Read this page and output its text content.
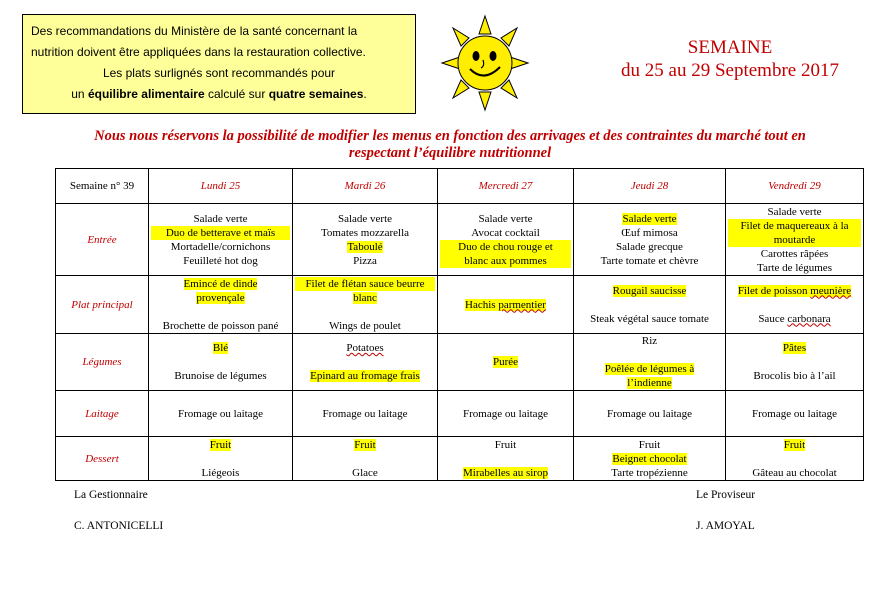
Des recommandations du Ministère de la santé concernant la
nutrition doivent être appliquées dans la restauration collective.
Les plats surlignés sont recommandés pour
un équilibre alimentaire calculé sur quatre semaines.
SEMAINE
du 25 au 29 Septembre 2017
Nous nous réservons la possibilité de modifier les menus en fonction des arrivages et des contraintes du marché tout en
respectant l’équilibre nutritionnel
Semaine n° 39	Lundi 25	Mardi 26	Mercredi 27	Jeudi 28	Vendredi 29
Entrée	Salade verte
Duo de betterave et maïs
Mortadelle/cornichons
Feuilleté hot dog	Salade verte
Tomates mozzarella
Taboulé
Pizza	Salade verte
Avocat cocktail
Duo de chou rouge et
blanc aux pommes	Salade verte
Œuf mimosa
Salade grecque
Tarte tomate et chèvre	Salade verte
Filet de maquereaux à la
moutarde
Carottes râpées
Tarte de légumes

Plat principal	Emincé de dinde
provençale
Brochette de poisson pané	Filet de flétan sauce beurre
blanc
Wings de poulet	Hachis parmentier	Rougail saucisse
Steak végétal sauce tomate	Filet de poisson meunière
Sauce carbonara

Légumes	Blé
Brunoise de légumes	Potatoes
Epinard au fromage frais	Purée	Riz
Poêlée de légumes à
l’indienne	Pâtes
Brocolis bio à l’ail

Laitage	Fromage ou laitage	Fromage ou laitage	Fromage ou laitage	Fromage ou laitage	Fromage ou laitage
Dessert	Fruit
Liégeois	Fruit
Glace	Fruit
Mirabelles au sirop	Fruit
Beignet chocolat
Tarte tropézienne	Fruit
Gâteau au chocolat
La Gestionnaire
C. ANTONICELLI
Le Proviseur
J. AMOYAL
